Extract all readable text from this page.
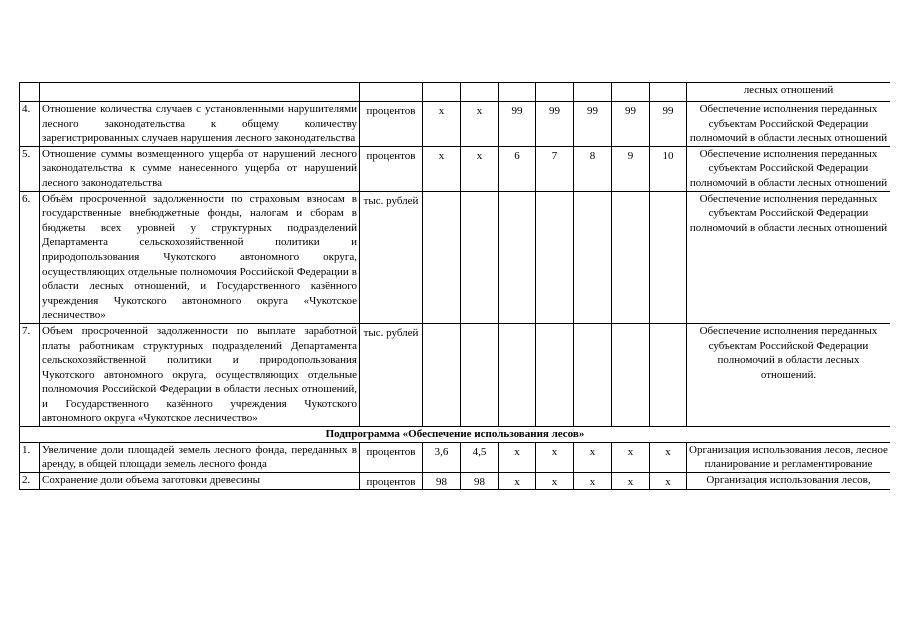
										лесных отношений
4.	Отношение количества случаев с установленными нарушителями лесного законодательства к общему количеству зарегистрированных случаев нарушения лесного законодательства	процентов	x	x	99	99	99	99	99	Обеспечение исполнения переданных субъектам Российской Федерации полномочий в области лесных отношений
5.	Отношение суммы возмещенного ущерба от нарушений лесного законодательства к сумме нанесенного ущерба от нарушений лесного законодательства	процентов	x	x	6	7	8	9	10	Обеспечение исполнения переданных субъектам Российской Федерации полномочий в области лесных отношений
6.	Объём просроченной задолженности по страховым взносам в государственные внебюджетные фонды, налогам и сборам в бюджеты всех уровней у структурных подразделений Департамента сельскохозяйственной политики и природопользования Чукотского автономного округа, осуществляющих отдельные полномочия Российской Федерации в области лесных отношений, и Государственного казённого учреждения Чукотского автономного округа «Чукотское лесничество»	тыс. рублей								Обеспечение исполнения переданных субъектам Российской Федерации полномочий в области лесных отношений
7.	Объем просроченной задолженности по выплате заработной платы работникам структурных подразделений Департамента сельскохозяйственной политики и природопользования Чукотского автономного округа, осуществляющих отдельные полномочия Российской Федерации в области лесных отношений, и Государственного казённого учреждения Чукотского автономного округа «Чукотское лесничество»	тыс. рублей								Обеспечение исполнения переданных субъектам Российской Федерации полномочий в области лесных отношений.
Подпрограмма «Обеспечение использования лесов»										
1.	Увеличение доли площадей земель лесного фонда, переданных в аренду, в общей площади земель лесного фонда	процентов	3,6	4,5	x	x	x	x	x	Организация использования лесов, лесное планирование и регламентирование
2.	Сохранение доли объема заготовки древесины	процентов	98	98	x	x	x	x	x	Организация использования лесов,
